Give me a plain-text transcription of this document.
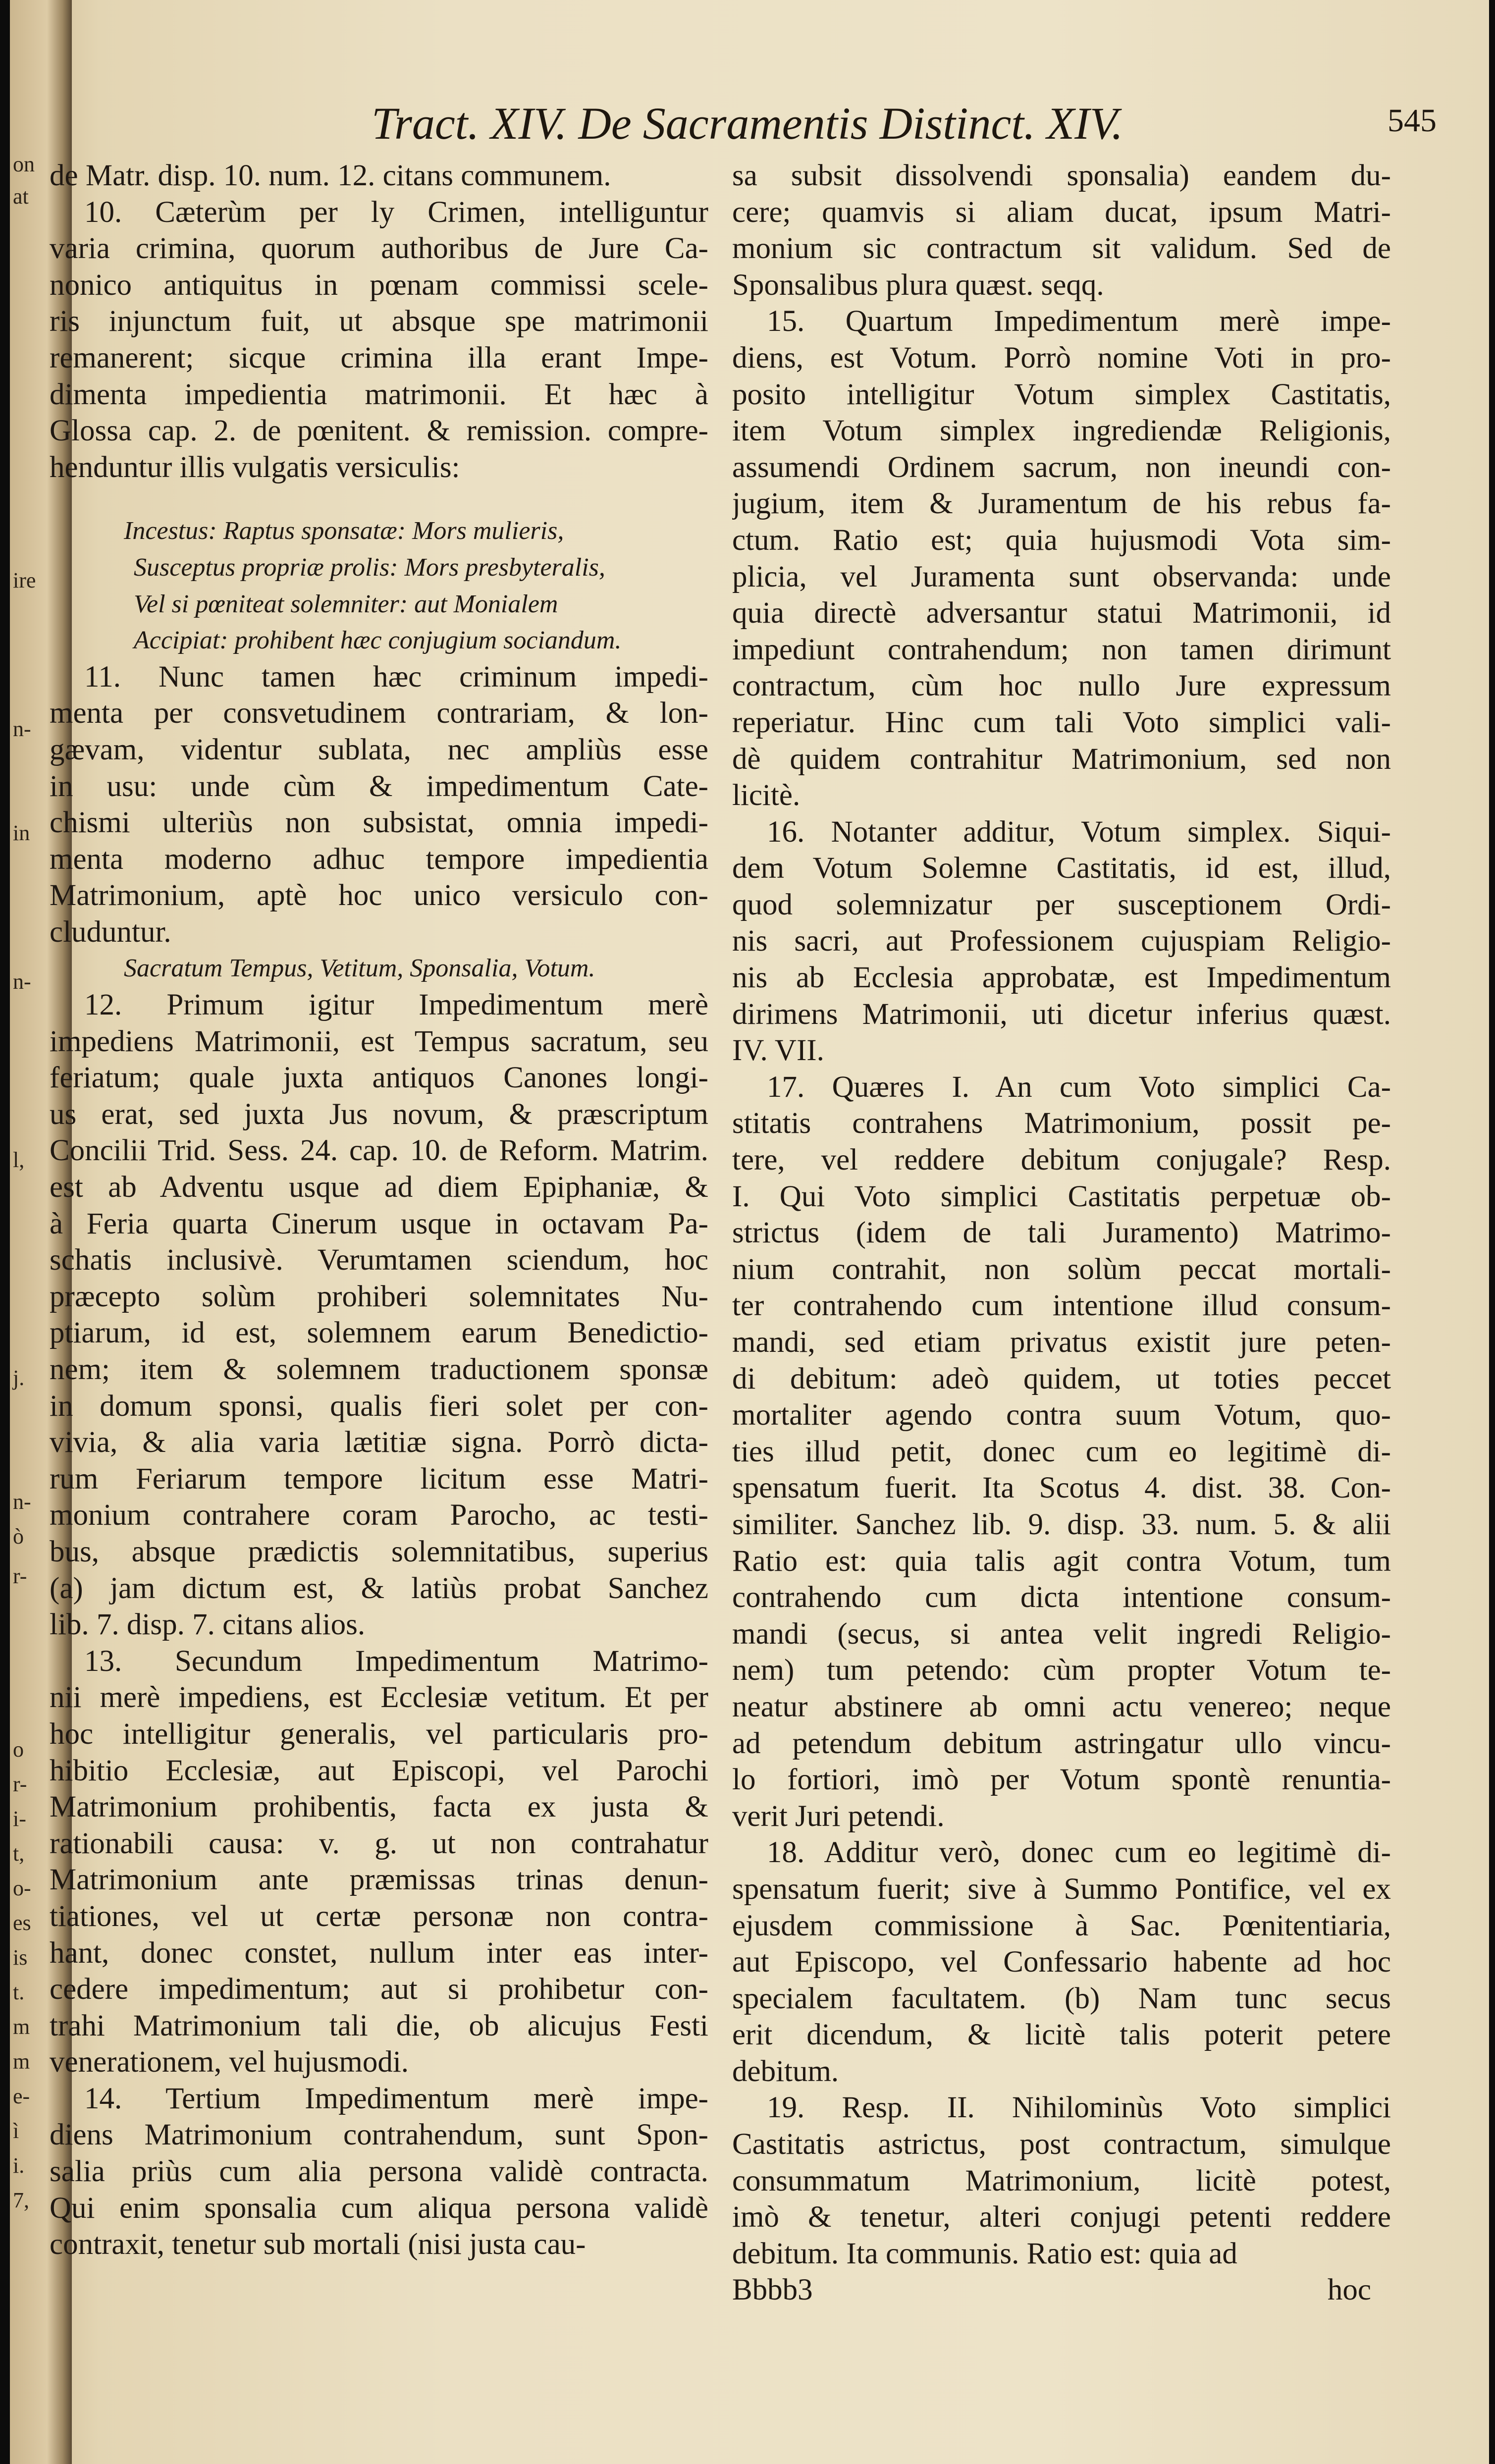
on
at
ire
n-
in
n-
l,
j.
n-
ò
r-
o
r-
i-
t,
o-
es
is
t.
m
m
e-
ì
i.
7,
Tract. XIV. De Sacramentis Distinct. XIV.	545
de Matr. disp. 10. num. 12. citans communem.
10. Cæterùm per ly Crimen, intelliguntur
varia crimina, quorum authoribus de Jure Ca-
nonico antiquitus in pœnam commissi scele-
ris injunctum fuit, ut absque spe matrimonii
remanerent; sicque crimina illa erant Impe-
dimenta impedientia matrimonii. Et hæc à
Glossa cap. 2. de pœnitent. & remission. compre-
henduntur illis vulgatis versiculis:
Incestus: Raptus sponsatæ: Mors mulieris,
Susceptus propriæ prolis: Mors presbyteralis,
Vel si pœniteat solemniter: aut Monialem
Accipiat: prohibent hæc conjugium sociandum.
11. Nunc tamen hæc criminum impedi-
menta per consvetudinem contrariam, & lon-
gævam, videntur sublata, nec ampliùs esse
in usu: unde cùm & impedimentum Cate-
chismi ulteriùs non subsistat, omnia impedi-
menta moderno adhuc tempore impedientia
Matrimonium, aptè hoc unico versiculo con-
cluduntur.
Sacratum Tempus, Vetitum, Sponsalia, Votum.
12. Primum igitur Impedimentum merè
impediens Matrimonii, est Tempus sacratum, seu
feriatum; quale juxta antiquos Canones longi-
us erat, sed juxta Jus novum, & præscriptum
Concilii Trid. Sess. 24. cap. 10. de Reform. Matrim.
est ab Adventu usque ad diem Epiphaniæ, &
à Feria quarta Cinerum usque in octavam Pa-
schatis inclusivè. Verumtamen sciendum, hoc
præcepto solùm prohiberi solemnitates Nu-
ptiarum, id est, solemnem earum Benedictio-
nem; item & solemnem traductionem sponsæ
in domum sponsi, qualis fieri solet per con-
vivia, & alia varia lætitiæ signa. Porrò dicta-
rum Feriarum tempore licitum esse Matri-
monium contrahere coram Parocho, ac testi-
bus, absque prædictis solemnitatibus, superius
(a) jam dictum est, & latiùs probat Sanchez
lib. 7. disp. 7. citans alios.
13. Secundum Impedimentum Matrimo-
nii merè impediens, est Ecclesiæ vetitum. Et per
hoc intelligitur generalis, vel particularis pro-
hibitio Ecclesiæ, aut Episcopi, vel Parochi
Matrimonium prohibentis, facta ex justa &
rationabili causa: v. g. ut non contrahatur
Matrimonium ante præmissas trinas denun-
tiationes, vel ut certæ personæ non contra-
hant, donec constet, nullum inter eas inter-
cedere impedimentum; aut si prohibetur con-
trahi Matrimonium tali die, ob alicujus Festi
venerationem, vel hujusmodi.
14. Tertium Impedimentum merè impe-
diens Matrimonium contrahendum, sunt Spon-
salia priùs cum alia persona validè contracta.
Qui enim sponsalia cum aliqua persona validè
contraxit, tenetur sub mortali (nisi justa cau-
sa subsit dissolvendi sponsalia) eandem du-
cere; quamvis si aliam ducat, ipsum Matri-
monium sic contractum sit validum. Sed de
Sponsalibus plura quæst. seqq.
15. Quartum Impedimentum merè impe-
diens, est Votum. Porrò nomine Voti in pro-
posito intelligitur Votum simplex Castitatis,
item Votum simplex ingrediendæ Religionis,
assumendi Ordinem sacrum, non ineundi con-
jugium, item & Juramentum de his rebus fa-
ctum. Ratio est; quia hujusmodi Vota sim-
plicia, vel Juramenta sunt observanda: unde
quia directè adversantur statui Matrimonii, id
impediunt contrahendum; non tamen dirimunt
contractum, cùm hoc nullo Jure expressum
reperiatur. Hinc cum tali Voto simplici vali-
dè quidem contrahitur Matrimonium, sed non
licitè.
16. Notanter additur, Votum simplex. Siqui-
dem Votum Solemne Castitatis, id est, illud,
quod solemnizatur per susceptionem Ordi-
nis sacri, aut Professionem cujuspiam Religio-
nis ab Ecclesia approbatæ, est Impedimentum
dirimens Matrimonii, uti dicetur inferius quæst.
IV. VII.
17. Quæres I. An cum Voto simplici Ca-
stitatis contrahens Matrimonium, possit pe-
tere, vel reddere debitum conjugale? Resp.
I. Qui Voto simplici Castitatis perpetuæ ob-
strictus (idem de tali Juramento) Matrimo-
nium contrahit, non solùm peccat mortali-
ter contrahendo cum intentione illud consum-
mandi, sed etiam privatus existit jure peten-
di debitum: adeò quidem, ut toties peccet
mortaliter agendo contra suum Votum, quo-
ties illud petit, donec cum eo legitimè di-
spensatum fuerit. Ita Scotus 4. dist. 38. Con-
similiter. Sanchez lib. 9. disp. 33. num. 5. & alii
Ratio est: quia talis agit contra Votum, tum
contrahendo cum dicta intentione consum-
mandi (secus, si antea velit ingredi Religio-
nem) tum petendo: cùm propter Votum te-
neatur abstinere ab omni actu venereo; neque
ad petendum debitum astringatur ullo vincu-
lo fortiori, imò per Votum spontè renuntia-
verit Juri petendi.
18. Additur verò, donec cum eo legitimè di-
spensatum fuerit; sive à Summo Pontifice, vel ex
ejusdem commissione à Sac. Pœnitentiaria,
aut Episcopo, vel Confessario habente ad hoc
specialem facultatem. (b) Nam tunc secus
erit dicendum, & licitè talis poterit petere
debitum.
19. Resp. II. Nihilominùs Voto simplici
Castitatis astrictus, post contractum, simulque
consummatum Matrimonium, licitè potest,
imò & tenetur, alteri conjugi petenti reddere
debitum. Ita communis. Ratio est: quia ad
Bbbb3	hoc
